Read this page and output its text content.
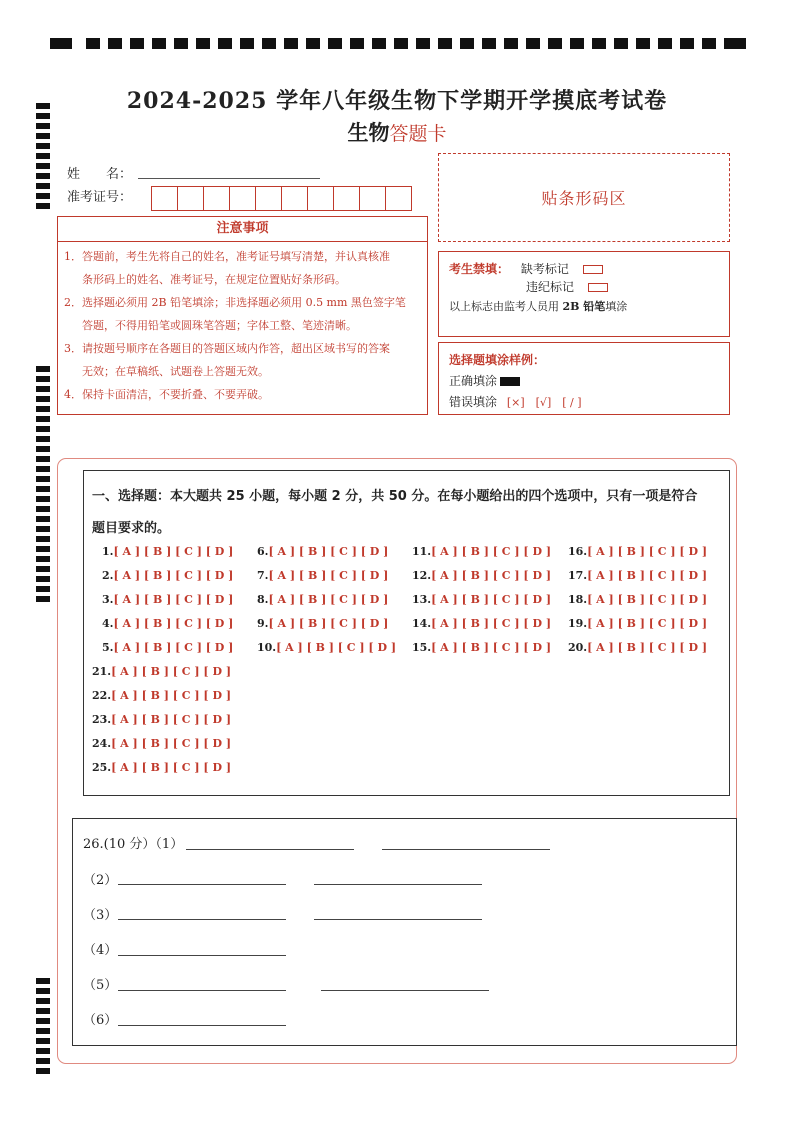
2024-2025 学年八年级生物下学期开学摸底考试卷
生物答题卡
姓　　名：
准考证号：	贴条形码区
注意事项
1．答题前，考生先将自己的姓名，准考证号填写清楚，并认真核准
条形码上的姓名、准考证号，在规定位置贴好条形码。
2．选择题必须用 2B 铅笔填涂；非选择题必须用 0.5 mm 黑色签字笔
答题，不得用铅笔或圆珠笔答题；字体工整、笔迹清晰。
3．请按题号顺序在各题目的答题区域内作答，超出区域书写的答案
无效；在草稿纸、试题卷上答题无效。
4．保持卡面清洁，不要折叠、不要弄破。
考生禁填： 缺考标记
违纪标记
以上标志由监考人员用 2B 铅笔填涂
选择题填涂样例：
正确填涂
错误填涂 [×]　[√]　[ / ]
一、选择题：本大题共 25 小题，每小题 2 分，共 50 分。在每小题给出的四个选项中，只有一项是符合
题目要求的。
1.[ A ] [ B ] [ C ] [ D ]
2.[ A ] [ B ] [ C ] [ D ]
3.[ A ] [ B ] [ C ] [ D ]
4.[ A ] [ B ] [ C ] [ D ]
5.[ A ] [ B ] [ C ] [ D ]
6.[ A ] [ B ] [ C ] [ D ]
7.[ A ] [ B ] [ C ] [ D ]
8.[ A ] [ B ] [ C ] [ D ]
9.[ A ] [ B ] [ C ] [ D ]
10.[ A ] [ B ] [ C ] [ D ]
11.[ A ] [ B ] [ C ] [ D ]
12.[ A ] [ B ] [ C ] [ D ]
13.[ A ] [ B ] [ C ] [ D ]
14.[ A ] [ B ] [ C ] [ D ]
15.[ A ] [ B ] [ C ] [ D ]
16.[ A ] [ B ] [ C ] [ D ]
17.[ A ] [ B ] [ C ] [ D ]
18.[ A ] [ B ] [ C ] [ D ]
19.[ A ] [ B ] [ C ] [ D ]
20.[ A ] [ B ] [ C ] [ D ]
21.[ A ] [ B ] [ C ] [ D ]
22.[ A ] [ B ] [ C ] [ D ]
23.[ A ] [ B ] [ C ] [ D ]
24.[ A ] [ B ] [ C ] [ D ]
25.[ A ] [ B ] [ C ] [ D ]
26.(10 分）（1）
（2）
（3）
（4）
（5）
（6）
